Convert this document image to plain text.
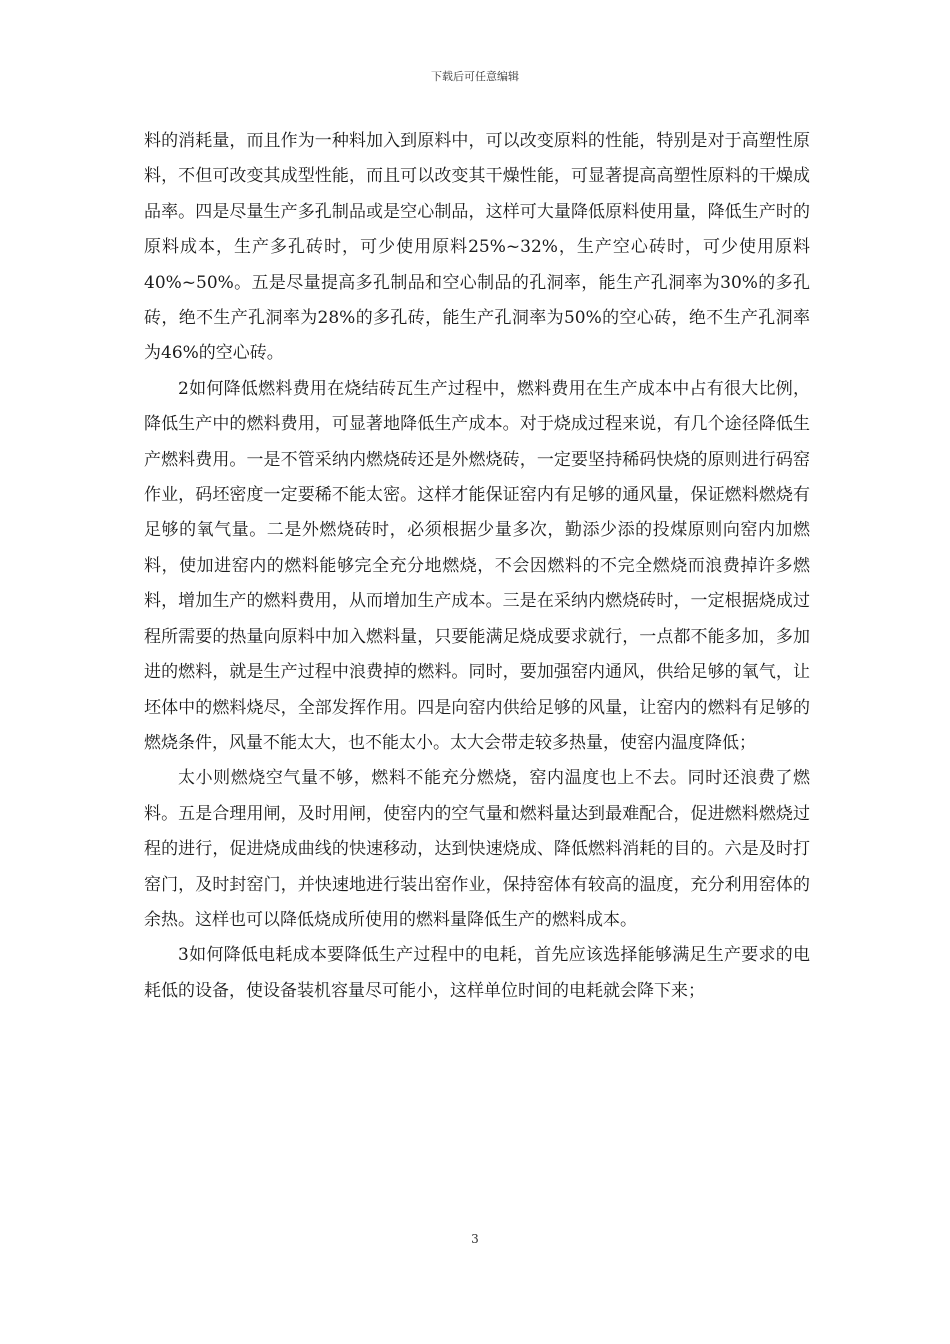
下载后可任意编辑

料的消耗量，而且作为一种料加入到原料中，可以改变原料的性能，特别是对于高塑性原料，不但可改变其成型性能，而且可以改变其干燥性能，可显著提高高塑性原料的干燥成品率。四是尽量生产多孔制品或是空心制品，这样可大量降低原料使用量，降低生产时的原料成本，生产多孔砖时，可少使用原料25%~32%，生产空心砖时，可少使用原料40%~50%。五是尽量提高多孔制品和空心制品的孔洞率，能生产孔洞率为30%的多孔砖，绝不生产孔洞率为28%的多孔砖，能生产孔洞率为50%的空心砖，绝不生产孔洞率为46%的空心砖。

2如何降低燃料费用在烧结砖瓦生产过程中，燃料费用在生产成本中占有很大比例，降低生产中的燃料费用，可显著地降低生产成本。对于烧成过程来说，有几个途径降低生产燃料费用。一是不管采纳内燃烧砖还是外燃烧砖，一定要坚持稀码快烧的原则进行码窑作业，码坯密度一定要稀不能太密。这样才能保证窑内有足够的通风量，保证燃料燃烧有足够的氧气量。二是外燃烧砖时，必须根据少量多次，勤添少添的投煤原则向窑内加燃料，使加进窑内的燃料能够完全充分地燃烧，不会因燃料的不完全燃烧而浪费掉许多燃料，增加生产的燃料费用，从而增加生产成本。三是在采纳内燃烧砖时，一定根据烧成过程所需要的热量向原料中加入燃料量，只要能满足烧成要求就行，一点都不能多加，多加进的燃料，就是生产过程中浪费掉的燃料。同时，要加强窑内通风，供给足够的氧气，让坯体中的燃料烧尽，全部发挥作用。四是向窑内供给足够的风量，让窑内的燃料有足够的燃烧条件，风量不能太大，也不能太小。太大会带走较多热量，使窑内温度降低；

太小则燃烧空气量不够，燃料不能充分燃烧，窑内温度也上不去。同时还浪费了燃料。五是合理用闸，及时用闸，使窑内的空气量和燃料量达到最难配合，促进燃料燃烧过程的进行，促进烧成曲线的快速移动，达到快速烧成、降低燃料消耗的目的。六是及时打窑门，及时封窑门，并快速地进行装出窑作业，保持窑体有较高的温度，充分利用窑体的余热。这样也可以降低烧成所使用的燃料量降低生产的燃料成本。

3如何降低电耗成本要降低生产过程中的电耗，首先应该选择能够满足生产要求的电耗低的设备，使设备装机容量尽可能小，这样单位时间的电耗就会降下来；

3
